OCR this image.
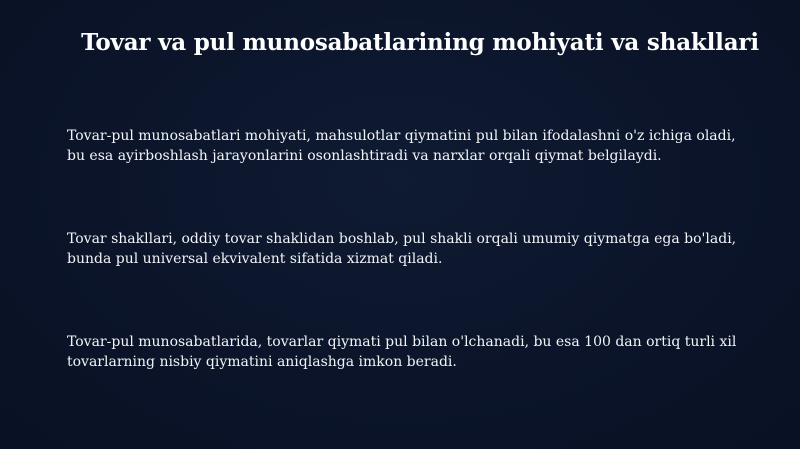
Tovar va pul munosabatlarining mohiyati va shakllari

Tovar-pul munosabatlari mohiyati, mahsulotlar qiymatini pul bilan ifodalashni o'z ichiga oladi, bu esa ayirboshlash jarayonlarini osonlashtiradi va narxlar orqali qiymat belgilaydi.

Tovar shakllari, oddiy tovar shaklidan boshlab, pul shakli orqali umumiy qiymatga ega bo'ladi, bunda pul universal ekvivalent sifatida xizmat qiladi.

Tovar-pul munosabatlarida, tovarlar qiymati pul bilan o'lchanadi, bu esa 100 dan ortiq turli xil tovarlarning nisbiy qiymatini aniqlashga imkon beradi.
